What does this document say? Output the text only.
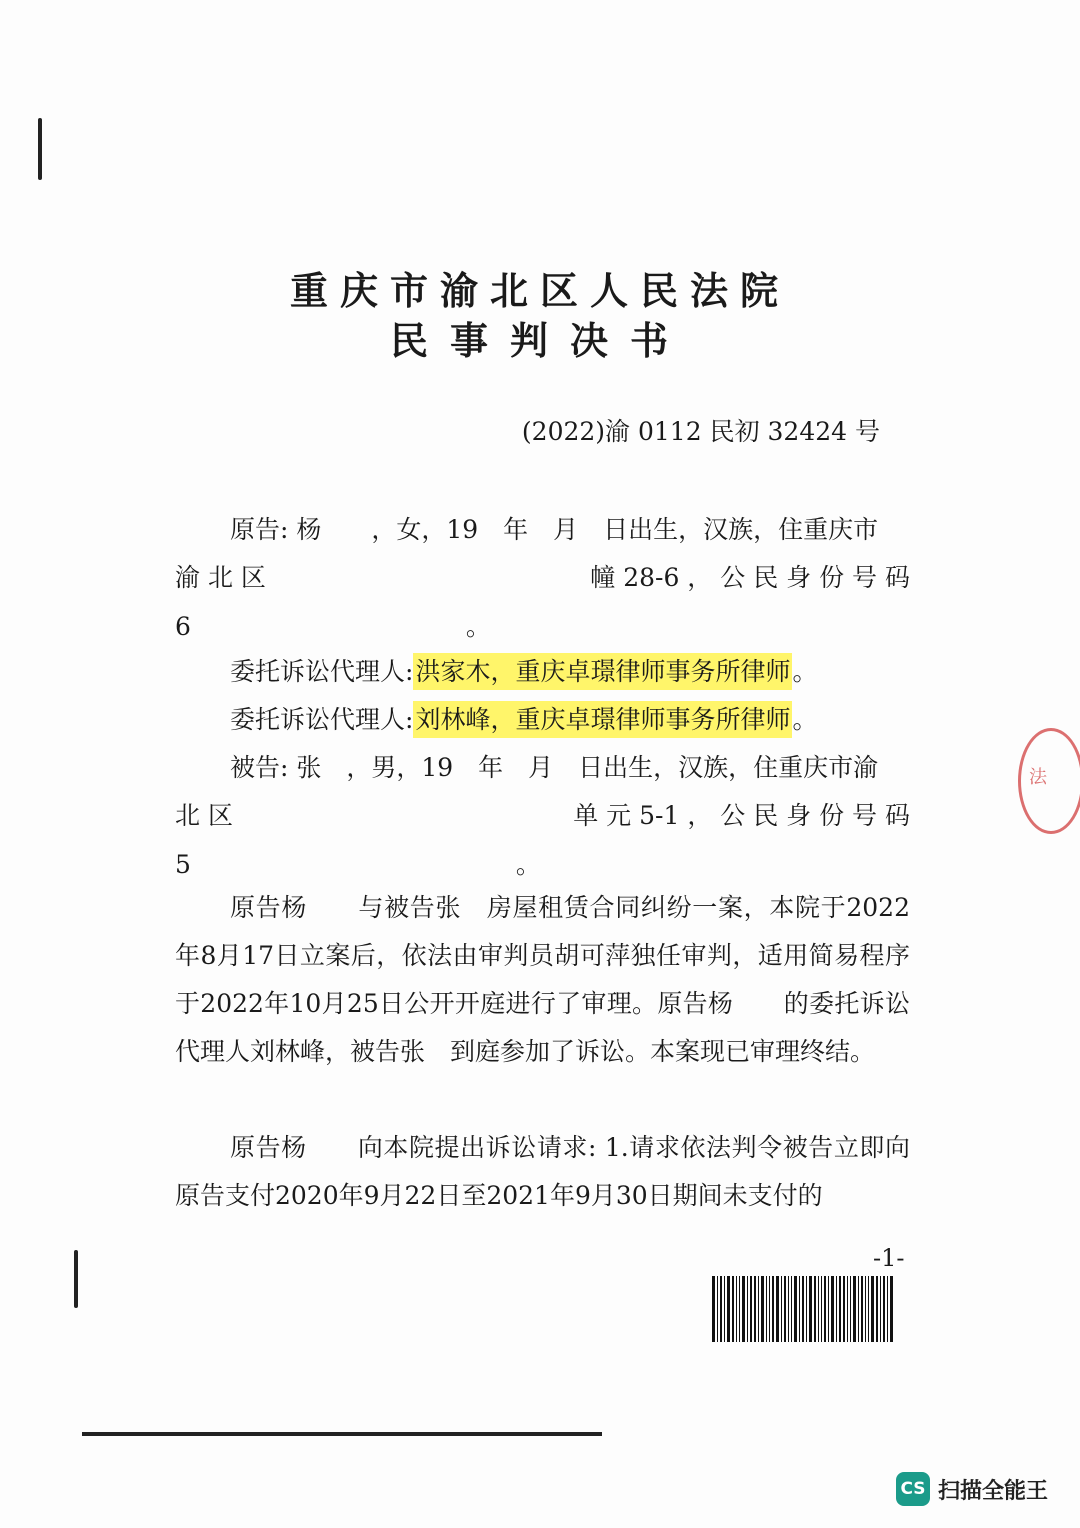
重庆市渝北区人民法院
民事判决书
(2022)渝 0112 民初 32424 号
原告: 杨　　，女，19　年　月　日出生，汉族，住重庆市
渝 北 区	幢 28-6 ， 公 民 身 份 号 码
6　　　　　　　　　　　。
委托诉讼代理人:洪家木，重庆卓璟律师事务所律师。
委托诉讼代理人:刘林峰，重庆卓璟律师事务所律师。
被告: 张　，男，19　年　月　日出生，汉族，住重庆市渝
北 区	单 元 5-1 ， 公 民 身 份 号 码
5　　　　　　　　　　　　　。
原告杨　　与被告张　房屋租赁合同纠纷一案，本院于2022年8月17日立案后，依法由审判员胡可萍独任审判，适用简易程序于2022年10月25日公开开庭进行了审理。原告杨　　的委托诉讼代理人刘林峰，被告张　到庭参加了诉讼。本案现已审理终结。
原告杨　　向本院提出诉讼请求: 1.请求依法判令被告立即向原告支付2020年9月22日至2021年9月30日期间未支付的
-1-
法
CS 扫描全能王
